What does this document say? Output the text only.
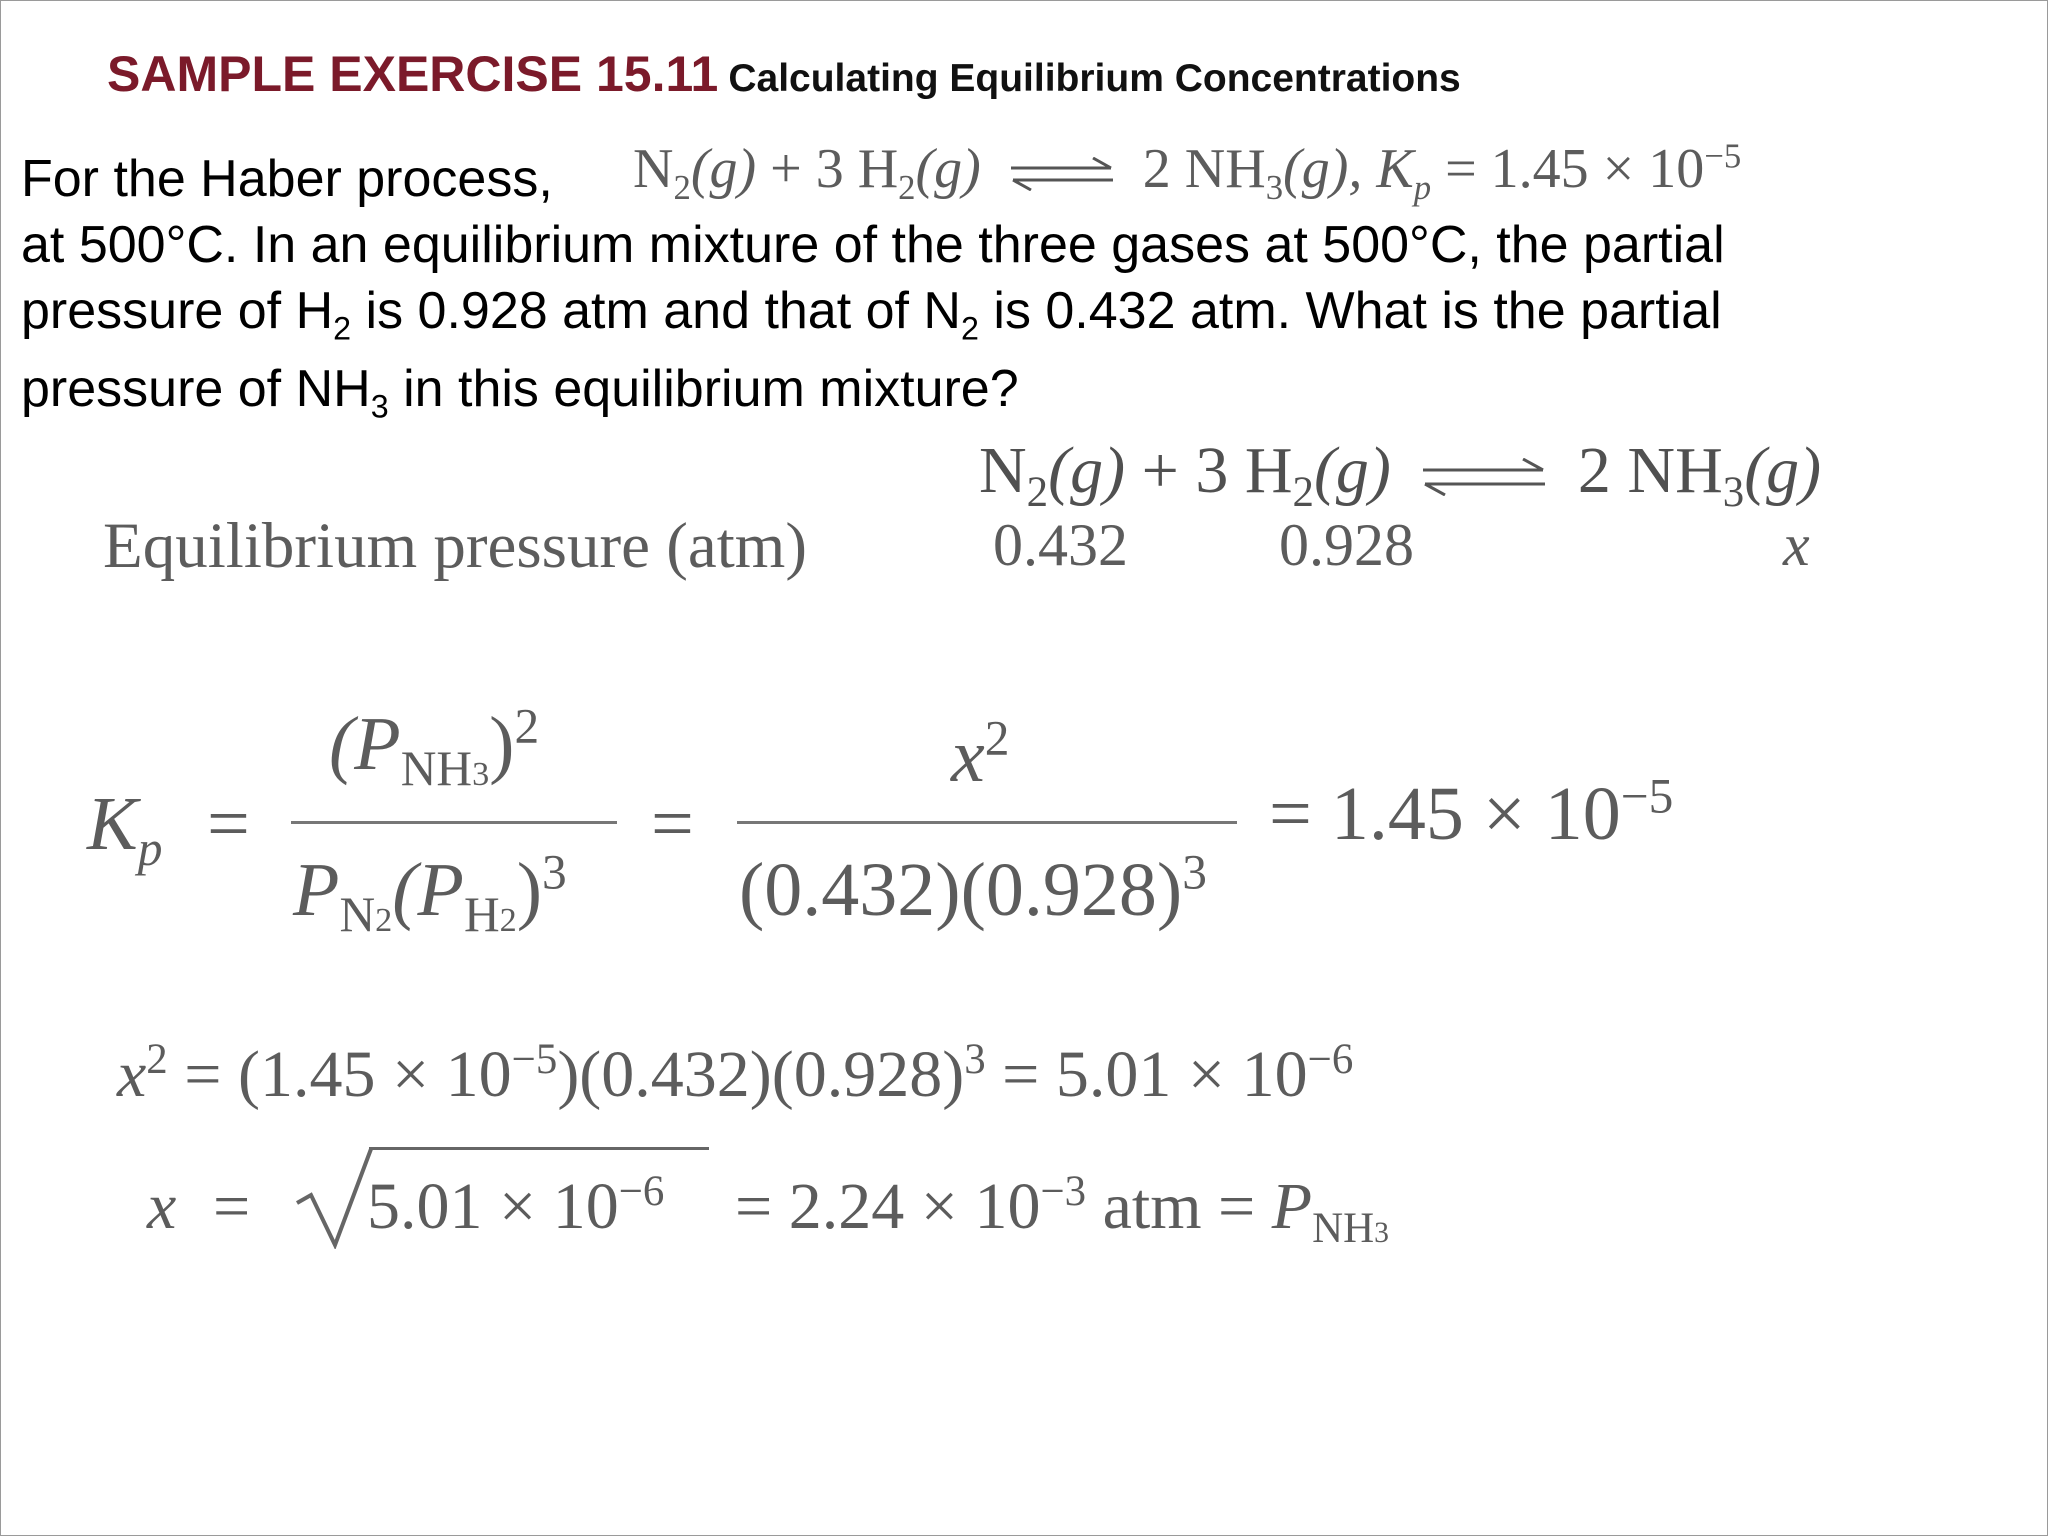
SAMPLE EXERCISE 15.11 Calculating Equilibrium Concentrations
For the Haber process, $N_2(g) + 3$ $H_2(g)$ ⇌ 2 $NH_3(g)$, $K_p = 1.45 \times 10^{-5}$
at 500°C. In an equilibrium mixture of the three gases at 500°C, the partial
pressure of $H_2$ is 0.928 atm and that of $N_2$ is 0.432 atm. What is the partial
pressure of $NH_3$ in this equilibrium mixture?
$N_2(g) + 3$ $H_2(g)$ ⇌ 2 $NH_3(g)$
Equilibrium pressure (atm)	0.432	0.928	x
$K_p$ =
$(P_{NH3})^2$
$P_{N2}(P_{H2})^3$
=
$x^2$
$(0.432)(0.928)^3$
= $1.45 \times 10^{-5}$
$x^2 = (1.45 \times 10^{-5})(0.432)(0.928)^3 = 5.01 \times 10^{-6}$
$x = 5.01 \times 10^{-6} = 2.24 \times 10^{-3}$ atm = $P_{NH3}$
